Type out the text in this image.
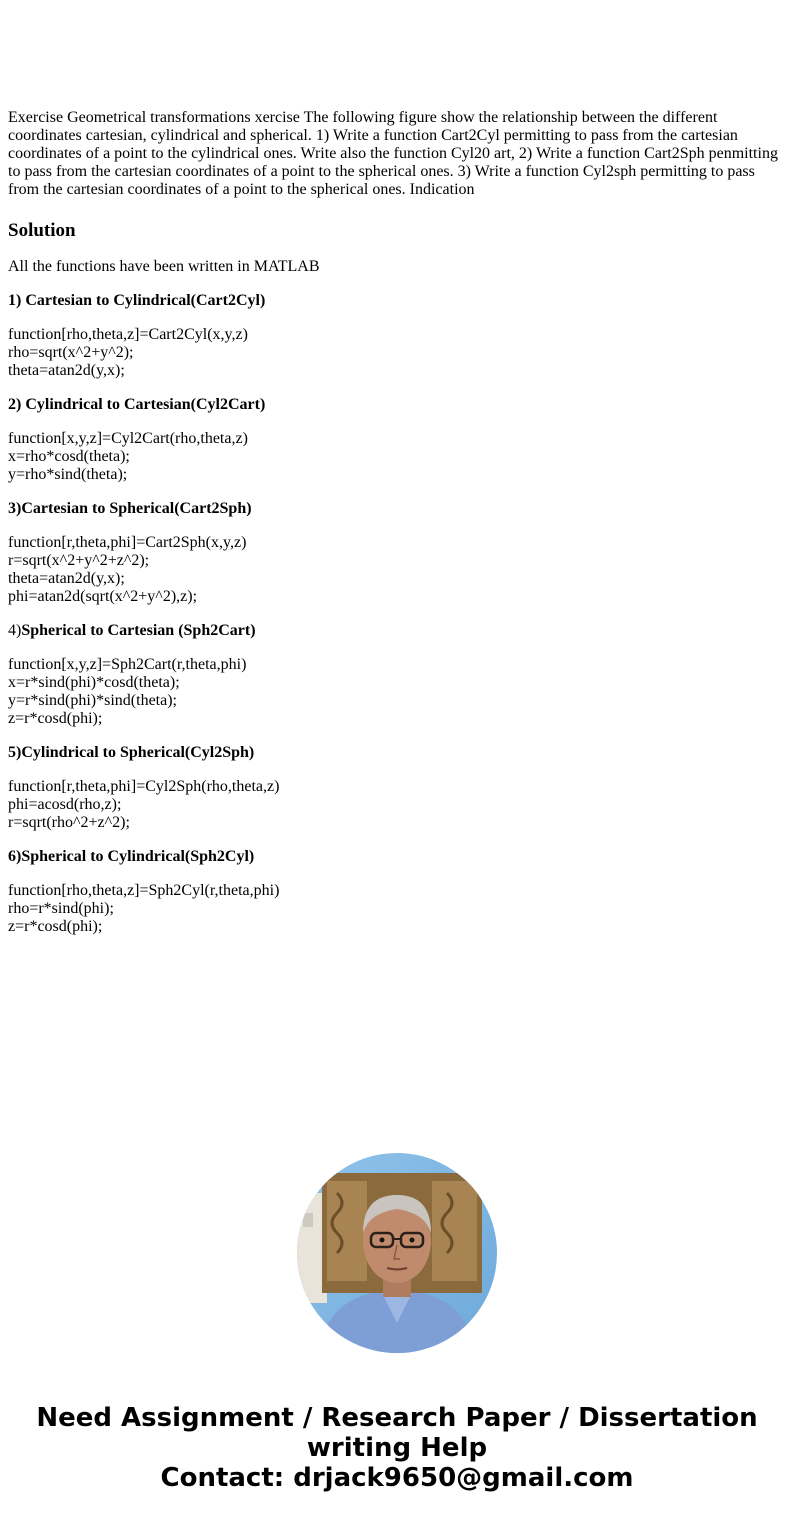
Exercise Geometrical transformations xercise The following figure show the relationship between the different coordinates cartesian, cylindrical and spherical. 1) Write a function Cart2Cyl permitting to pass from the cartesian coordinates of a point to the cylindrical ones. Write also the function Cyl20 art, 2) Write a function Cart2Sph penmitting to pass from the cartesian coordinates of a point to the spherical ones. 3) Write a function Cyl2sph permitting to pass from the cartesian coordinates of a point to the spherical ones. Indication

Solution

All the functions have been written in MATLAB

1) Cartesian to Cylindrical(Cart2Cyl)

function[rho,theta,z]=Cart2Cyl(x,y,z)
rho=sqrt(x^2+y^2);
theta=atan2d(y,x);

2) Cylindrical to Cartesian(Cyl2Cart)

function[x,y,z]=Cyl2Cart(rho,theta,z)
x=rho*cosd(theta);
y=rho*sind(theta);

3)Cartesian to Spherical(Cart2Sph)

function[r,theta,phi]=Cart2Sph(x,y,z)
r=sqrt(x^2+y^2+z^2);
theta=atan2d(y,x);
phi=atan2d(sqrt(x^2+y^2),z);

4)Spherical to Cartesian (Sph2Cart)

function[x,y,z]=Sph2Cart(r,theta,phi)
x=r*sind(phi)*cosd(theta);
y=r*sind(phi)*sind(theta);
z=r*cosd(phi);

5)Cylindrical to Spherical(Cyl2Sph)

function[r,theta,phi]=Cyl2Sph(rho,theta,z)
phi=acosd(rho,z);
r=sqrt(rho^2+z^2);

6)Spherical to Cylindrical(Sph2Cyl)

function[rho,theta,z]=Sph2Cyl(r,theta,phi)
rho=r*sind(phi);
z=r*cosd(phi);
Need Assignment / Research Paper / Dissertation
writing Help
Contact: drjack9650@gmail.com
